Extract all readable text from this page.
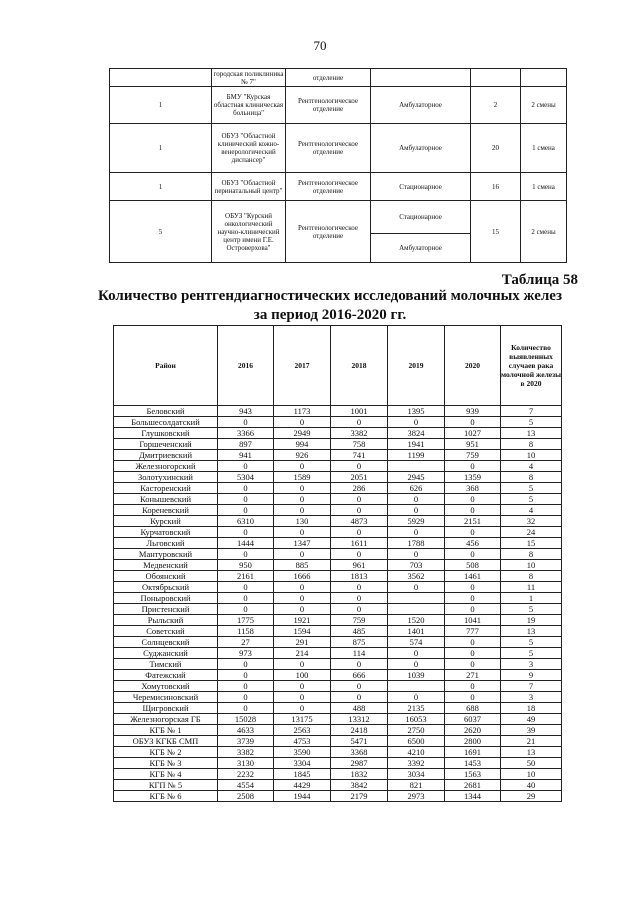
70
	городская поликлиника № 7"	отделение			
1	БМУ "Курская областная клиническая больница"	Рентгенологическое отделение	Амбулаторное	2	2 смены
1	ОБУЗ "Областной клинический кожно-венерологический диспансер"	Рентгенологическое отделение	Амбулаторное	20	1 смена
1	ОБУЗ "Областной перинатальный центр"	Рентгенологическое отделение	Стационарное	16	1 смена
5	ОБУЗ "Курский онкологический научно-клинический центр имени Г.Е. Островерхова"	Рентгенологическое отделение	Стационарное	15	2 смены
			Амбулаторное		
Таблица 58
Количество рентгендиагностических исследований молочных желез
за период 2016-2020 гг.
Район	2016	2017	2018	2019	2020	Количество выявленных случаев рака молочной железы в 2020
Беловский	943	1173	1001	1395	939	7
Большесолдатский	0	0	0	0	0	5
Глушковский	3366	2949	3382	3824	1027	13
Горшеченский	897	994	758	1941	951	8
Дмитриевский	941	926	741	1199	759	10
Железногорский	0	0	0		0	4
Золотухинский	5304	1589	2051	2945	1359	8
Касторенский	0	0	286	626	368	5
Конышевский	0	0	0	0	0	5
Кореневский	0	0	0	0	0	4
Курский	6310	130	4873	5929	2151	32
Курчатовский	0	0	0	0	0	24
Льговский	1444	1347	1611	1788	456	15
Мантуровский	0	0	0	0	0	8
Медвенский	950	885	961	703	508	10
Обоянский	2161	1666	1813	3562	1461	8
Октябрьский	0	0	0	0	0	11
Поныровский	0	0	0		0	1
Пристенский	0	0	0		0	5
Рыльский	1775	1921	759	1520	1041	19
Советский	1158	1594	485	1401	777	13
Солнцевский	27	291	875	574	0	5
Суджанский	973	214	114	0	0	5
Тимский	0	0	0	0	0	3
Фатежский	0	100	666	1039	271	9
Хомутовский	0	0	0		0	7
Черемисиновский	0	0	0	0	0	3
Щигровский	0	0	488	2135	688	18
Железногорская ГБ	15028	13175	13312	16053	6037	49
КГБ № 1	4633	2563	2418	2750	2620	39
ОБУЗ КГКБ СМП	3739	4753	5471	6500	2800	21
КГБ № 2	3382	3590	3368	4210	1691	13
КГБ № 3	3130	3304	2987	3392	1453	50
КГБ № 4	2232	1845	1832	3034	1563	10
КГП № 5	4554	4429	3842	821	2681	40
КГБ № 6	2508	1944	2179	2973	1344	29
